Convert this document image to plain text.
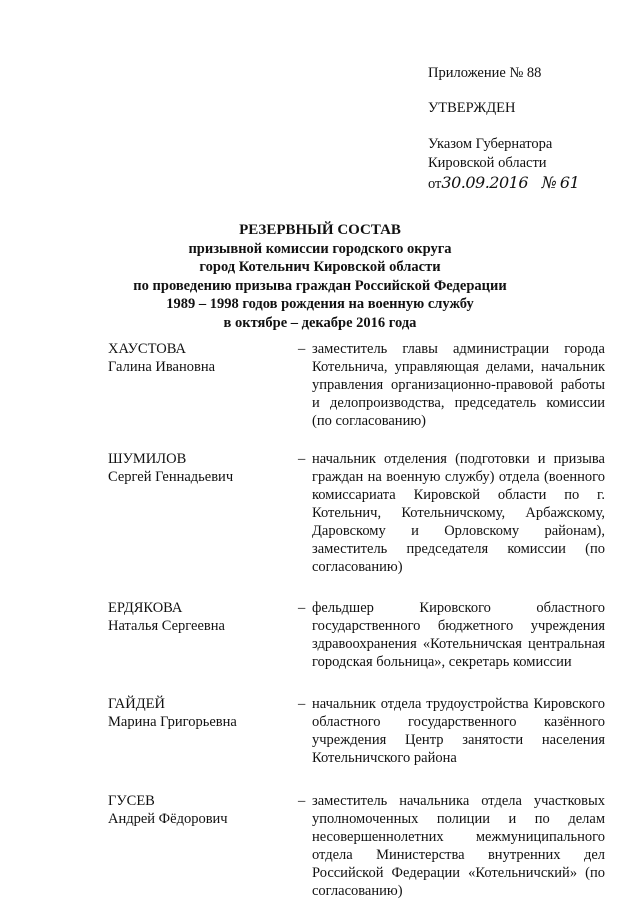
Приложение № 88
УТВЕРЖДЕН
Указом Губернатора
Кировской области
от30.09.2016 № 61
РЕЗЕРВНЫЙ СОСТАВ
призывной комиссии городского округа
город Котельнич Кировской области
по проведению призыва граждан Российской Федерации
1989 – 1998 годов рождения на военную службу
в октябре – декабре 2016 года
ХАУСТОВА
Галина Ивановна
– заместитель главы администрации города Котельнича, управляющая делами, начальник управления организационно-правовой работы и делопроизводства, председатель комиссии (по согласованию)
ШУМИЛОВ
Сергей Геннадьевич
– начальник отделения (подготовки и призыва граждан на военную службу) отдела (военного комиссариата Кировской области по г. Котельнич, Котельничскому, Арбажскому, Даровскому и Орловскому районам), заместитель председателя комиссии (по согласованию)
ЕРДЯКОВА
Наталья Сергеевна
– фельдшер Кировского областного государственного бюджетного учреждения здравоохранения «Котельничская центральная городская больница», секретарь комиссии
ГАЙДЕЙ
Марина Григорьевна
– начальник отдела трудоустройства Кировского областного государственного казённого учреждения Центр занятости населения Котельничского района
ГУСЕВ
Андрей Фёдорович
– заместитель начальника отдела участковых уполномоченных полиции и по делам несовершеннолетних межмуниципального отдела Министерства внутренних дел Российской Федерации «Котельничский» (по согласованию)
